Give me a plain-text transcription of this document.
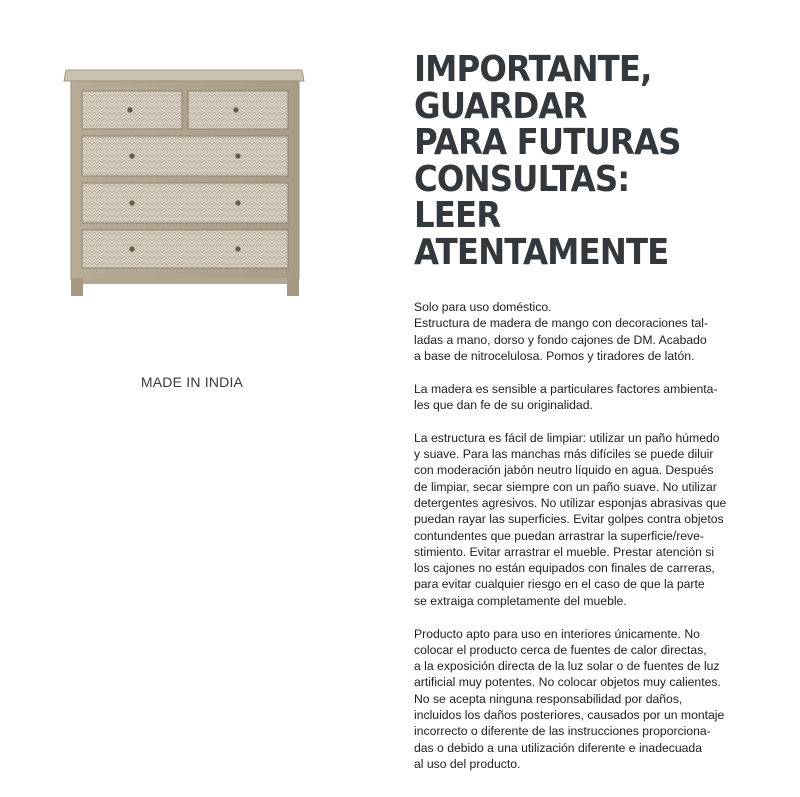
MADE IN INDIA
IMPORTANTE,
GUARDAR
PARA FUTURAS
CONSULTAS:
LEER
ATENTAMENTE
Solo para uso doméstico.
Estructura de madera de mango con decoraciones tal-
ladas a mano, dorso y fondo cajones de DM. Acabado
a base de nitrocelulosa. Pomos y tiradores de latón.
La madera es sensible a particulares factores ambienta-
les que dan fe de su originalidad.
La estructura es fácil de limpiar: utilizar un paño húmedo
y suave. Para las manchas más difíciles se puede diluir
con moderación jabón neutro líquido en agua. Después
de limpiar, secar siempre con un paño suave. No utilizar
detergentes agresivos. No utilizar esponjas abrasivas que
puedan rayar las superficies. Evitar golpes contra objetos
contundentes que puedan arrastrar la superficie/reve-
stimiento. Evitar arrastrar el mueble. Prestar atención si
los cajones no están equipados con finales de carreras,
para evitar cualquier riesgo en el caso de que la parte
se extraiga completamente del mueble.
Producto apto para uso en interiores únicamente. No
colocar el producto cerca de fuentes de calor directas,
a la exposición directa de la luz solar o de fuentes de luz
artificial muy potentes. No colocar objetos muy calientes.
No se acepta ninguna responsabilidad por daños,
incluidos los daños posteriores, causados por un montaje
incorrecto o diferente de las instrucciones proporciona-
das o debido a una utilización diferente e inadecuada
al uso del producto.
